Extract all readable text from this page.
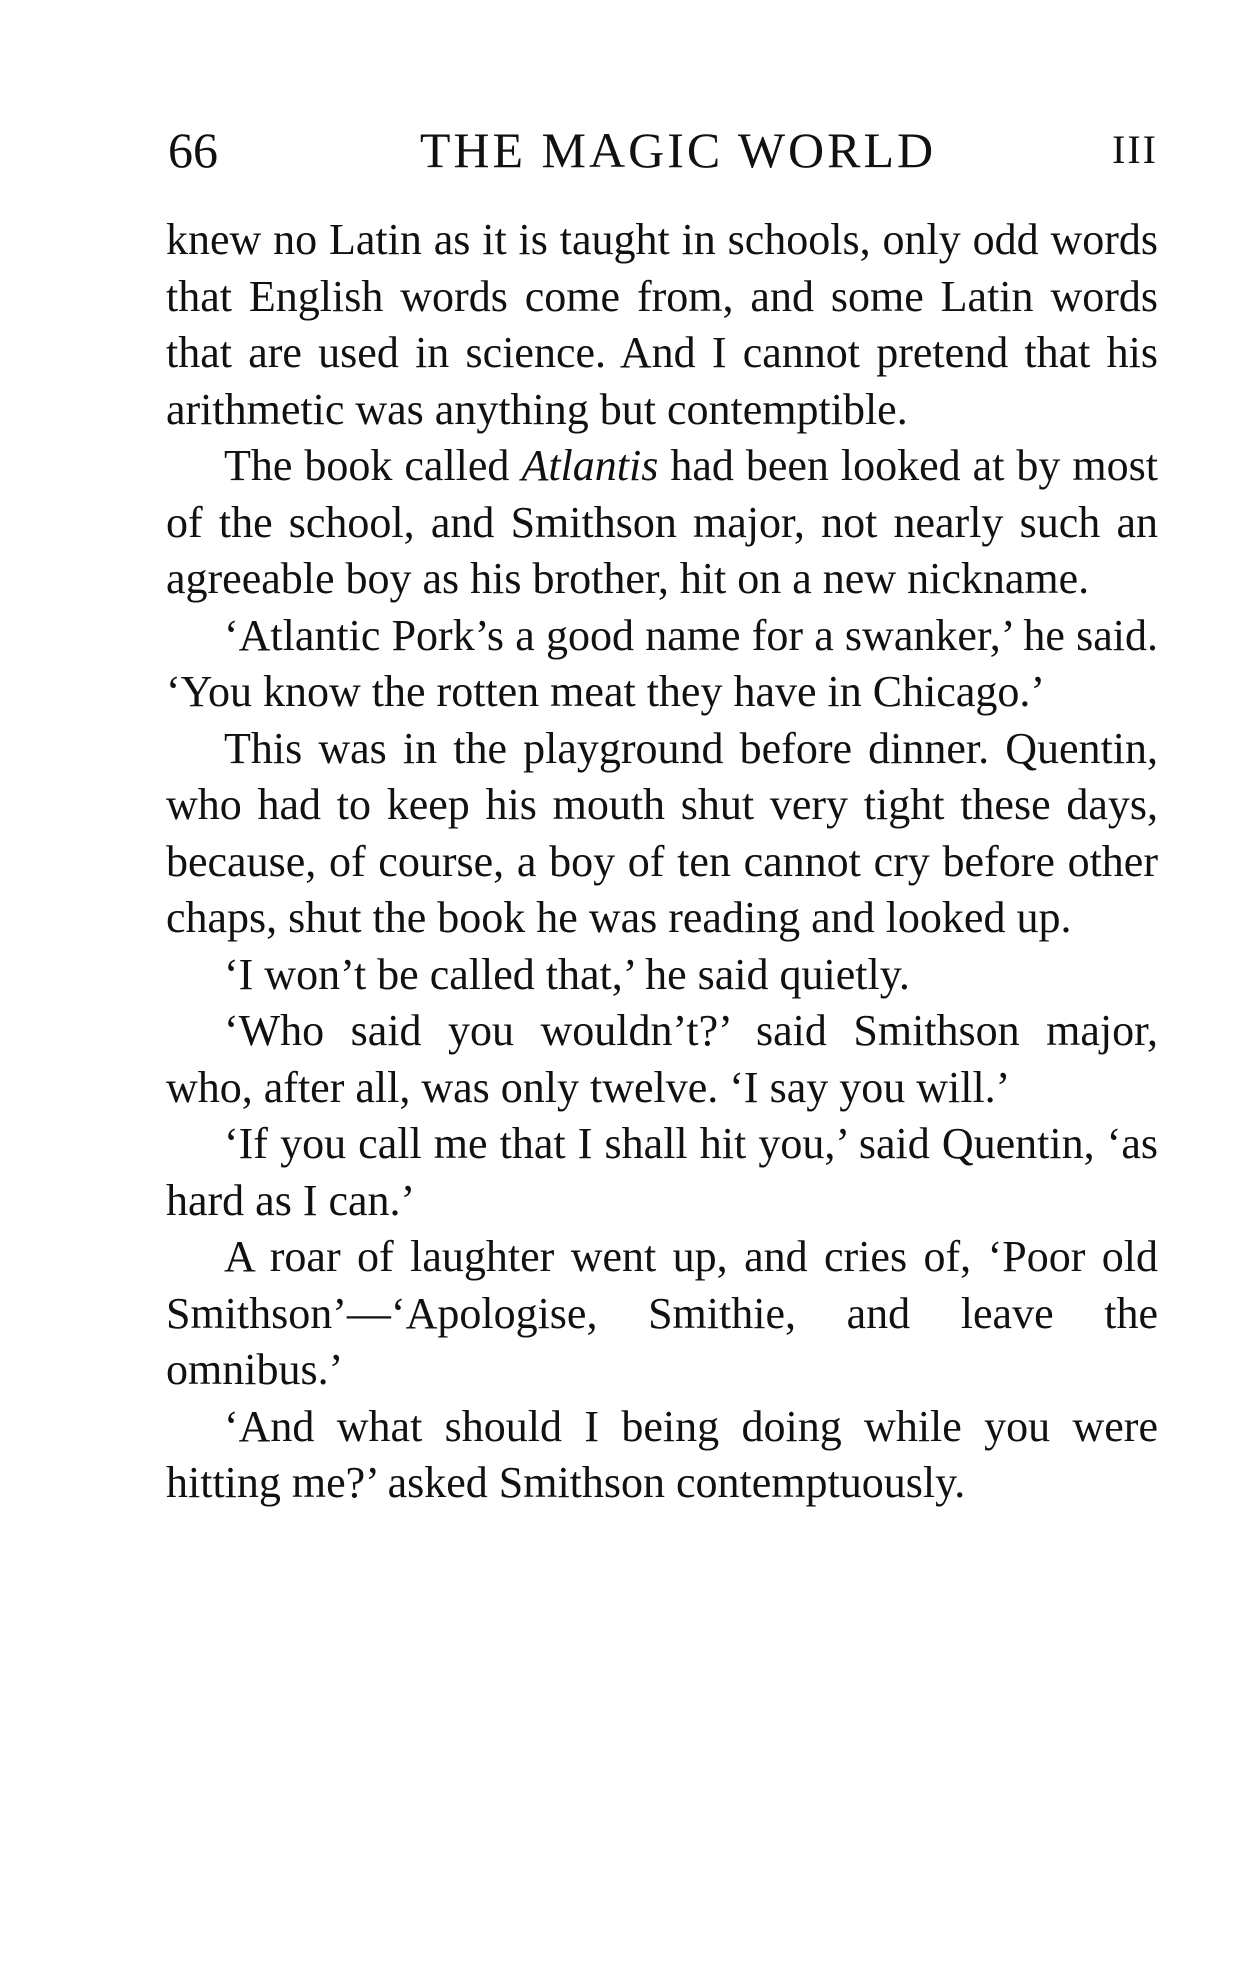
66	THE MAGIC WORLD	III

knew no Latin as it is taught in schools, only odd words that English words come from, and some Latin words that are used in science. And I cannot pretend that his arithmetic was anything but contemptible.

The book called Atlantis had been looked at by most of the school, and Smithson major, not nearly such an agreeable boy as his brother, hit on a new nickname.

‘Atlantic Pork’s a good name for a swanker,’ he said. ‘You know the rotten meat they have in Chicago.’

This was in the playground before dinner. Quentin, who had to keep his mouth shut very tight these days, because, of course, a boy of ten cannot cry before other chaps, shut the book he was reading and looked up.

‘I won’t be called that,’ he said quietly.

‘Who said you wouldn’t?’ said Smithson major, who, after all, was only twelve. ‘I say you will.’

‘If you call me that I shall hit you,’ said Quentin, ‘as hard as I can.’

A roar of laughter went up, and cries of, ‘Poor old Smithson’—‘Apologise, Smithie, and leave the omnibus.’

‘And what should I being doing while you were hitting me?’ asked Smithson contemptuously.
